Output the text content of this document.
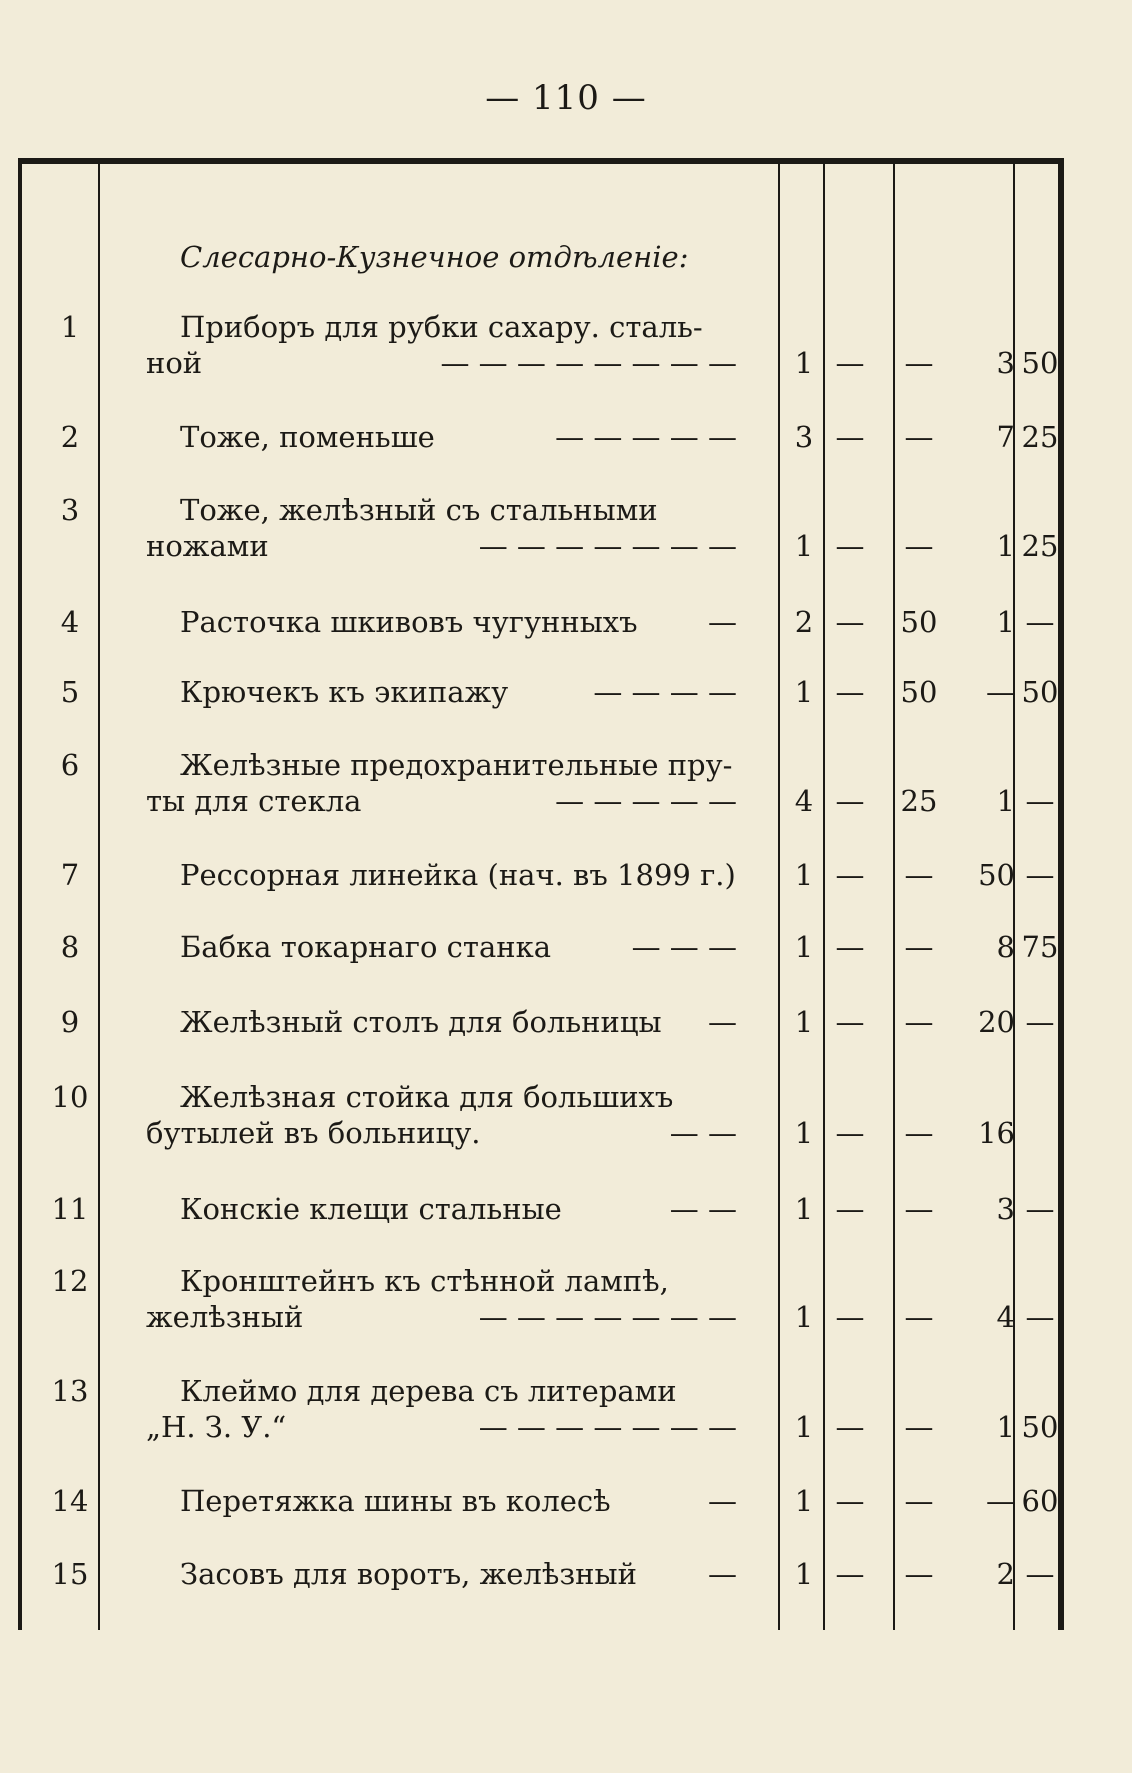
— 110 —
Слесарно-Кузнечное отдѣленіе:
1	Приборъ для рубки сахару. сталь-
ной	— — — — — — — —	1 —	—	3 50
2	Тоже, поменьше	— — — — —	3 —	—	7 25
3	Тоже, желѣзный съ стальными
ножами	— — — — — — —	1 —	—	1 25
4	Расточка шкивовъ чугунныхъ —	2 —	50	1 —
5	Крючекъ къ экипажу	— — — —	1 —	50	— 50
6	Желѣзные предохранительные пру-
ты для стекла	— — — — —	4 —	25	1 —
7	Рессорная линейка (нач. въ 1899 г.)	1 —	—	50 —
8	Бабка токарнаго станка	— — —	1 —	—	8 75
9	Желѣзный столъ для больницы —	1 —	—	20 —
10	Желѣзная стойка для большихъ
бутылей въ больницу.	— —	1 —	—	16
11	Конскіе клещи стальные	— —	1 —	—	3 —
12	Кронштейнъ къ стѣнной лампѣ,
желѣзный	— — — — — — —	1 —	—	4 —
13	Клеймо для дерева съ литерами
„Н. З. У.“	— — — — — — —	1 —	—	1 50
14	Перетяжка шины въ колесѣ	—	1 —	—	— 60
15	Засовъ для воротъ, желѣзный —	1 —	—	2 —
